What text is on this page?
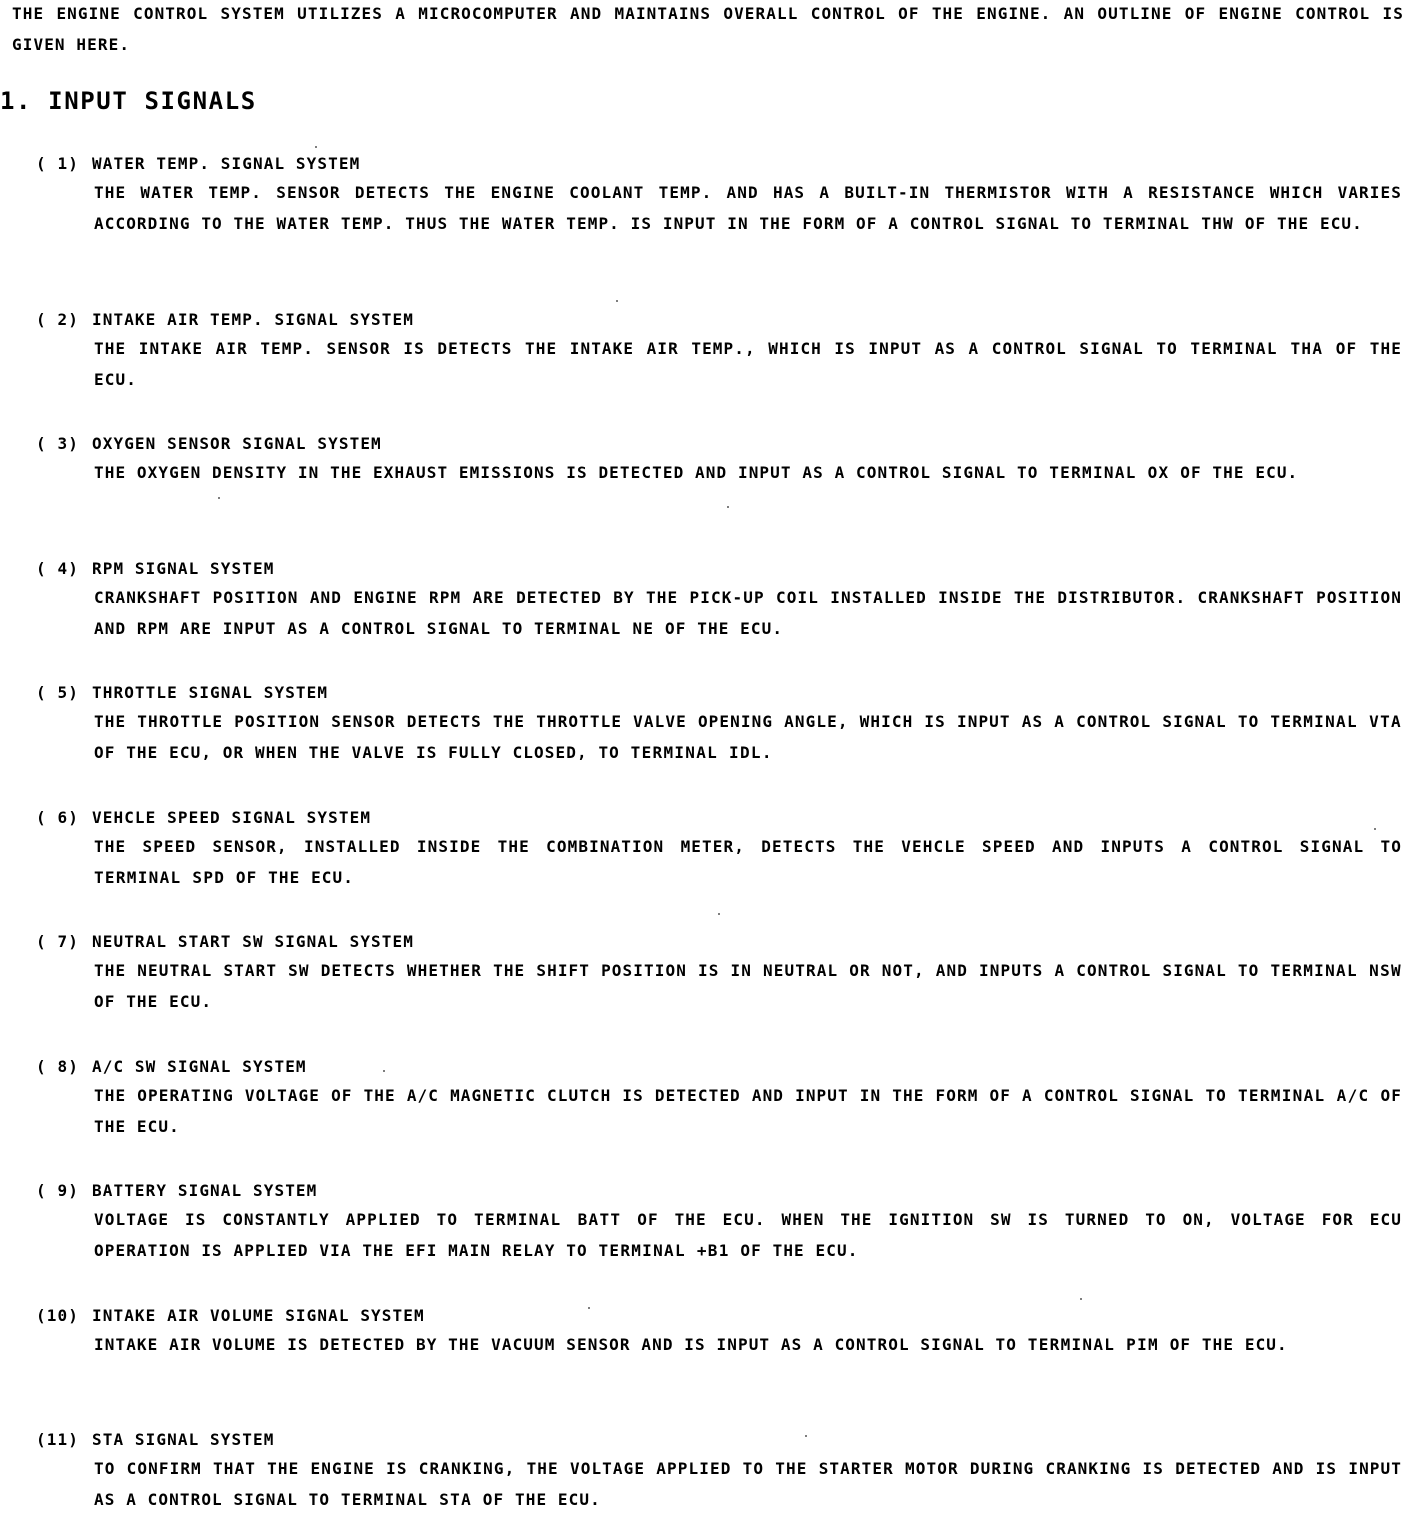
THE ENGINE CONTROL SYSTEM UTILIZES A MICROCOMPUTER AND MAINTAINS OVERALL CONTROL OF THE ENGINE. AN OUTLINE OF ENGINE CONTROL IS GIVEN HERE.
1. INPUT SIGNALS
( 1) WATER TEMP. SIGNAL SYSTEM
THE WATER TEMP. SENSOR DETECTS THE ENGINE COOLANT TEMP. AND HAS A BUILT-IN THERMISTOR WITH A RESISTANCE WHICH VARIES ACCORDING TO THE WATER TEMP. THUS THE WATER TEMP. IS INPUT IN THE FORM OF A CONTROL SIGNAL TO TERMINAL THW OF THE ECU.
( 2) INTAKE AIR TEMP. SIGNAL SYSTEM
THE INTAKE AIR TEMP. SENSOR IS DETECTS THE INTAKE AIR TEMP., WHICH IS INPUT AS A CONTROL SIGNAL TO TERMINAL THA OF THE ECU.
( 3) OXYGEN SENSOR SIGNAL SYSTEM
THE OXYGEN DENSITY IN THE EXHAUST EMISSIONS IS DETECTED AND INPUT AS A CONTROL SIGNAL TO TERMINAL OX OF THE ECU.
( 4) RPM SIGNAL SYSTEM
CRANKSHAFT POSITION AND ENGINE RPM ARE DETECTED BY THE PICK-UP COIL INSTALLED INSIDE THE DISTRIBUTOR. CRANKSHAFT POSITION AND RPM ARE INPUT AS A CONTROL SIGNAL TO TERMINAL NE OF THE ECU.
( 5) THROTTLE SIGNAL SYSTEM
THE THROTTLE POSITION SENSOR DETECTS THE THROTTLE VALVE OPENING ANGLE, WHICH IS INPUT AS A CONTROL SIGNAL TO TERMINAL VTA OF THE ECU, OR WHEN THE VALVE IS FULLY CLOSED, TO TERMINAL IDL.
( 6) VEHCLE SPEED SIGNAL SYSTEM
THE SPEED SENSOR, INSTALLED INSIDE THE COMBINATION METER, DETECTS THE VEHCLE SPEED AND INPUTS A CONTROL SIGNAL TO TERMINAL SPD OF THE ECU.
( 7) NEUTRAL START SW SIGNAL SYSTEM
THE NEUTRAL START SW DETECTS WHETHER THE SHIFT POSITION IS IN NEUTRAL OR NOT, AND INPUTS A CONTROL SIGNAL TO TERMINAL NSW OF THE ECU.
( 8) A/C SW SIGNAL SYSTEM
THE OPERATING VOLTAGE OF THE A/C MAGNETIC CLUTCH IS DETECTED AND INPUT IN THE FORM OF A CONTROL SIGNAL TO TERMINAL A/C OF THE ECU.
( 9) BATTERY SIGNAL SYSTEM
VOLTAGE IS CONSTANTLY APPLIED TO TERMINAL BATT OF THE ECU. WHEN THE IGNITION SW IS TURNED TO ON, VOLTAGE FOR ECU OPERATION IS APPLIED VIA THE EFI MAIN RELAY TO TERMINAL +B1 OF THE ECU.
(10) INTAKE AIR VOLUME SIGNAL SYSTEM
INTAKE AIR VOLUME IS DETECTED BY THE VACUUM SENSOR AND IS INPUT AS A CONTROL SIGNAL TO TERMINAL PIM OF THE ECU.
(11) STA SIGNAL SYSTEM
TO CONFIRM THAT THE ENGINE IS CRANKING, THE VOLTAGE APPLIED TO THE STARTER MOTOR DURING CRANKING IS DETECTED AND IS INPUT AS A CONTROL SIGNAL TO TERMINAL STA OF THE ECU.
